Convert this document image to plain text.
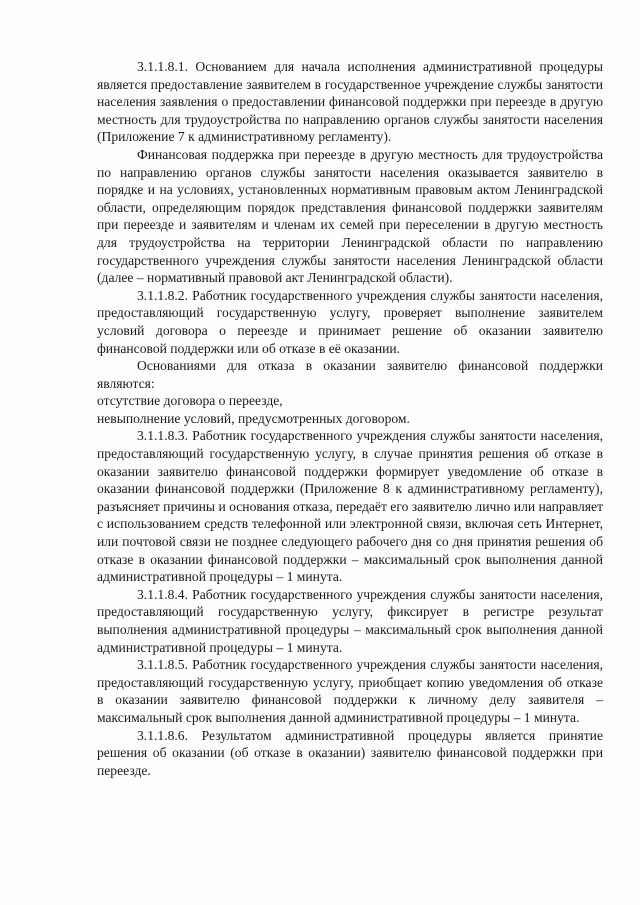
3.1.1.8.1. Основанием для начала исполнения административной процедуры является предоставление заявителем в государственное учреждение службы занятости населения заявления о предоставлении финансовой поддержки при переезде в другую местность для трудоустройства по направлению органов службы занятости населения (Приложение 7 к административному регламенту).

Финансовая поддержка при переезде в другую местность для трудоустройства по направлению органов службы занятости населения оказывается заявителю в порядке и на условиях, установленных нормативным правовым актом Ленинградской области, определяющим порядок представления финансовой поддержки заявителям при переезде и заявителям и членам их семей при переселении в другую местность для трудоустройства на территории Ленинградской области по направлению государственного учреждения службы занятости населения Ленинградской области (далее – нормативный правовой акт Ленинградской области).

3.1.1.8.2. Работник государственного учреждения службы занятости населения, предоставляющий государственную услугу, проверяет выполнение заявителем условий договора о переезде и принимает решение об оказании заявителю финансовой поддержки или об отказе в её оказании.

Основаниями для отказа в оказании заявителю финансовой поддержки являются:

отсутствие договора о переезде,

невыполнение условий, предусмотренных договором.

3.1.1.8.3. Работник государственного учреждения службы занятости населения, предоставляющий государственную услугу, в случае принятия решения об отказе в оказании заявителю финансовой поддержки формирует уведомление об отказе в оказании финансовой поддержки (Приложение 8 к административному регламенту), разъясняет причины и основания отказа, передаёт его заявителю лично или направляет с использованием средств телефонной или электронной связи, включая сеть Интернет, или почтовой связи не позднее следующего рабочего дня со дня принятия решения об отказе в оказании финансовой поддержки – максимальный срок выполнения данной административной процедуры – 1 минута.

3.1.1.8.4. Работник государственного учреждения службы занятости населения, предоставляющий государственную услугу, фиксирует в регистре результат выполнения административной процедуры – максимальный срок выполнения данной административной процедуры – 1 минута.

3.1.1.8.5. Работник государственного учреждения службы занятости населения, предоставляющий государственную услугу, приобщает копию уведомления об отказе в оказании заявителю финансовой поддержки к личному делу заявителя – максимальный срок выполнения данной административной процедуры – 1 минута.

3.1.1.8.6. Результатом административной процедуры является принятие решения об оказании (об отказе в оказании) заявителю финансовой поддержки при переезде.
